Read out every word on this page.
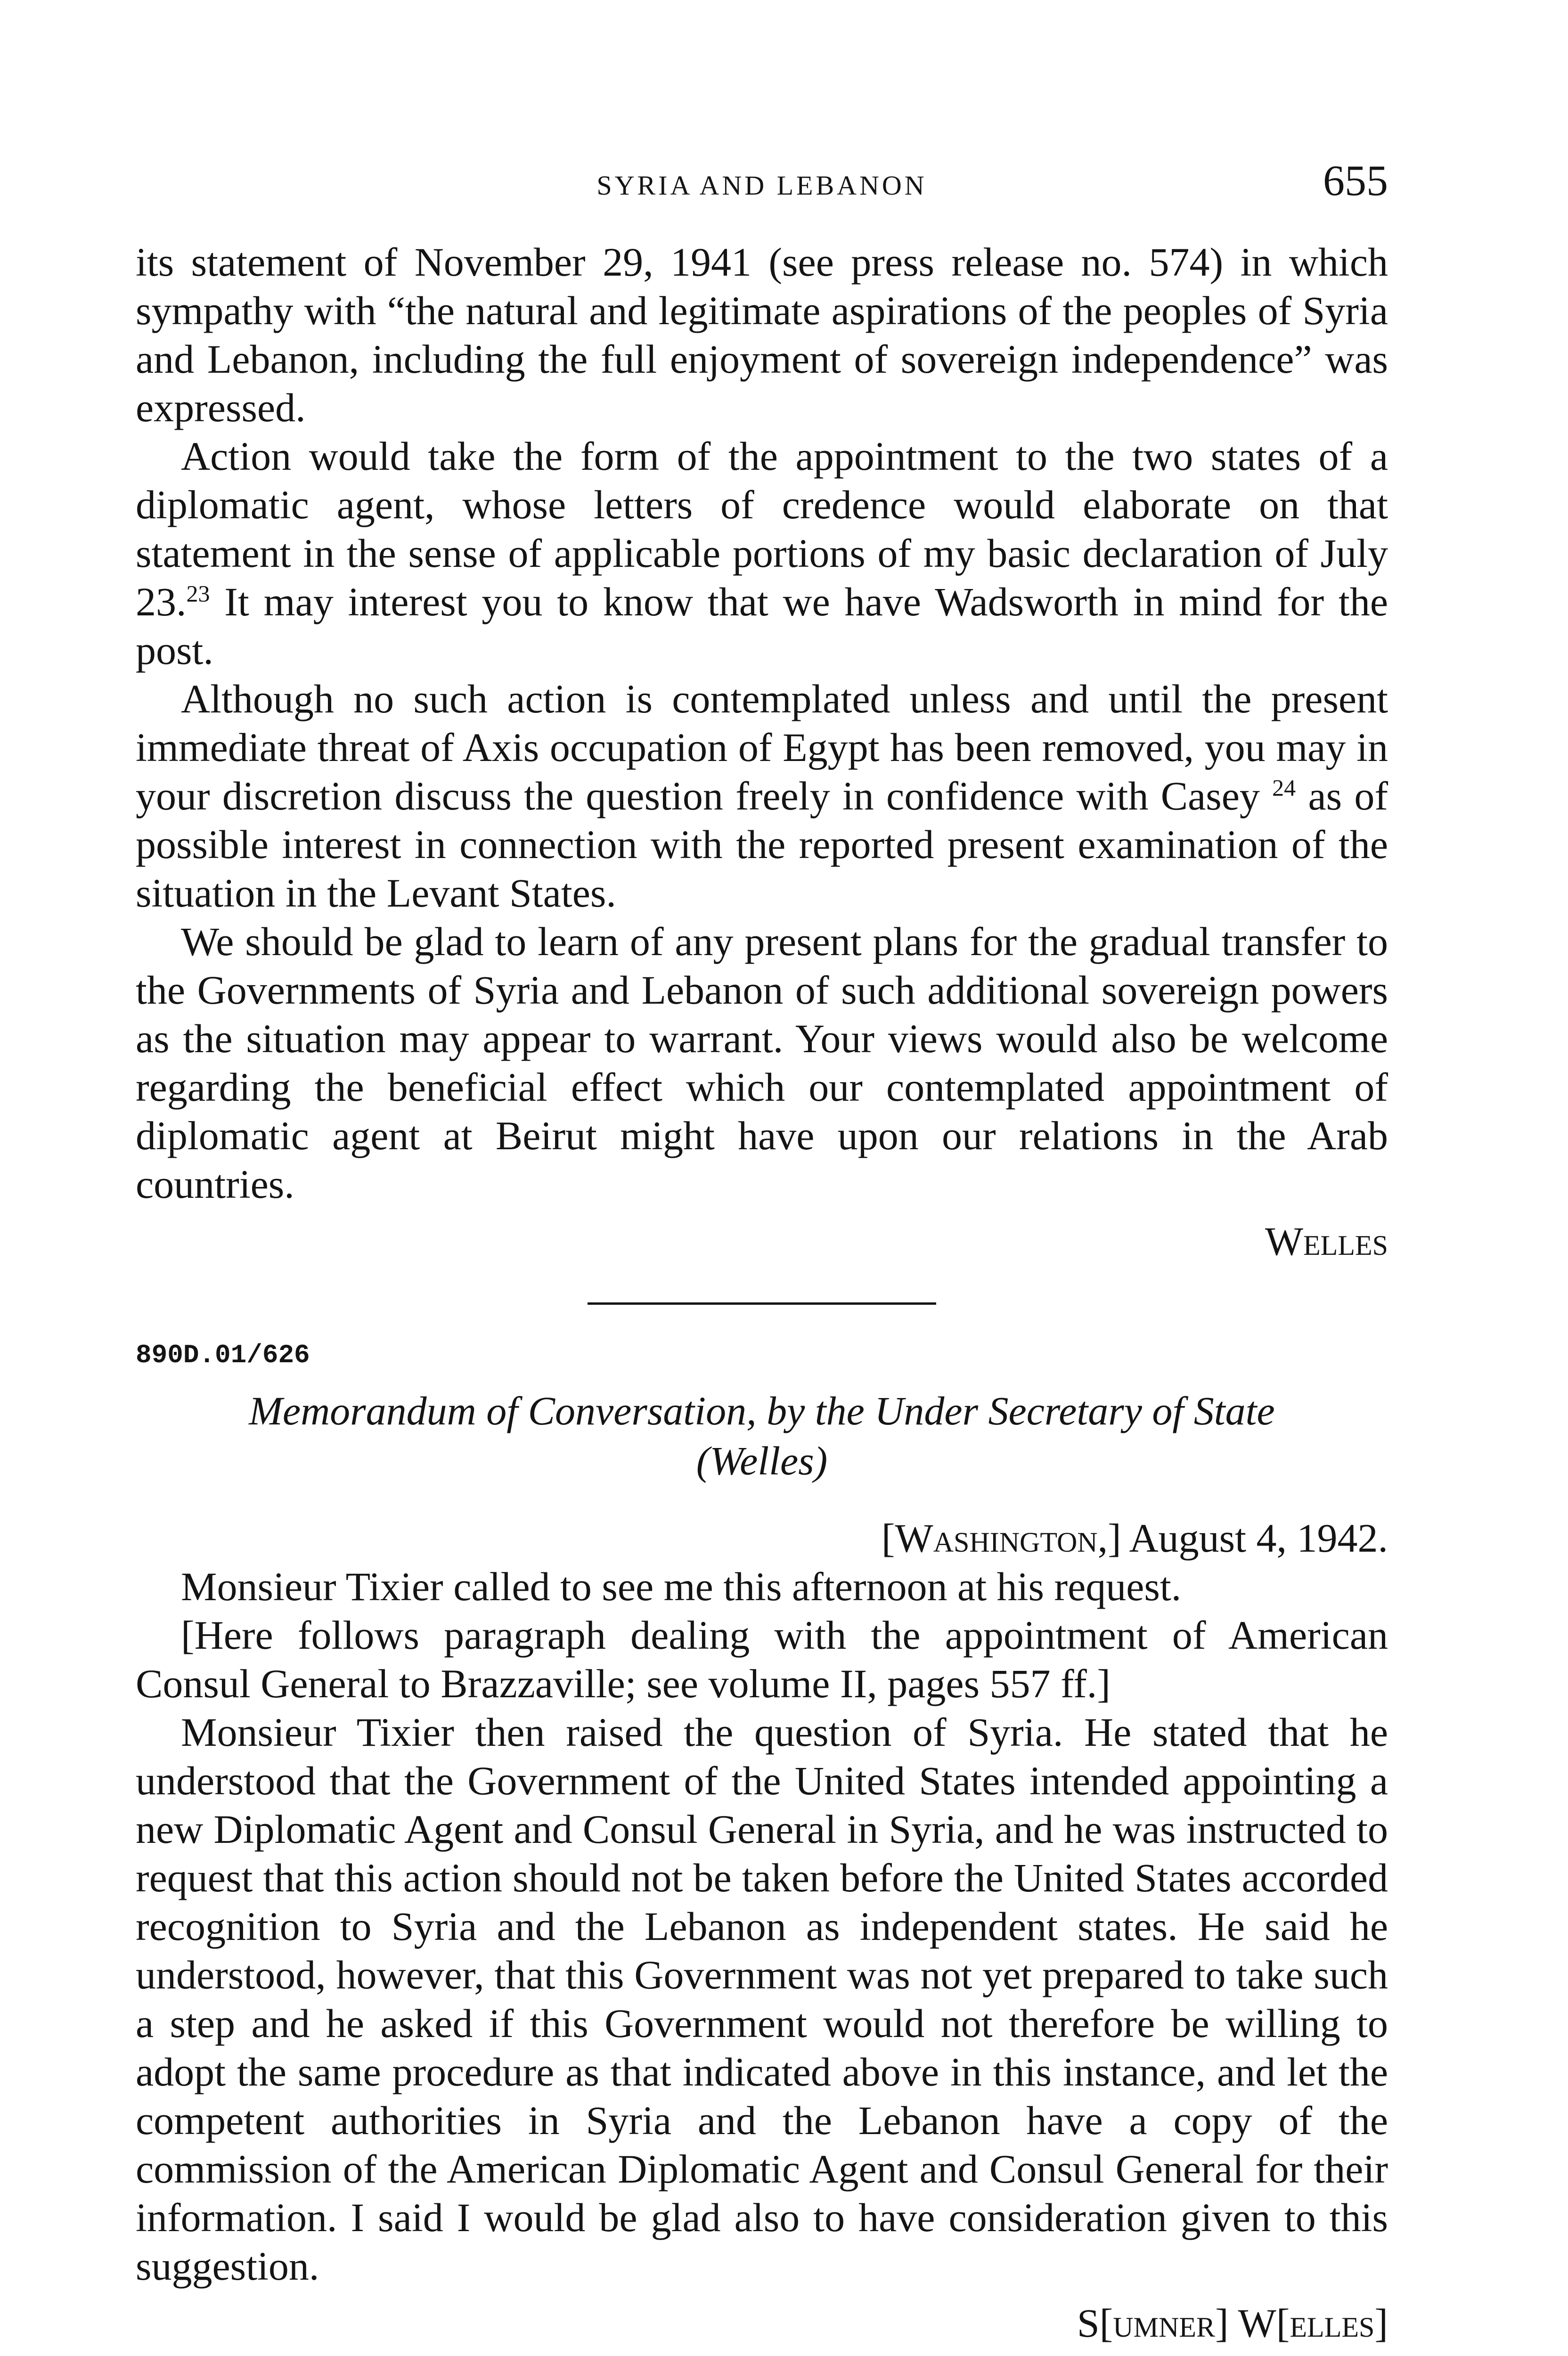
SYRIA AND LEBANON	655

its statement of November 29, 1941 (see press release no. 574) in which sympathy with “the natural and legitimate aspirations of the peoples of Syria and Lebanon, including the full enjoyment of sovereign independence” was expressed.

Action would take the form of the appointment to the two states of a diplomatic agent, whose letters of credence would elaborate on that statement in the sense of applicable portions of my basic declaration of July 23.23 It may interest you to know that we have Wadsworth in mind for the post.

Although no such action is contemplated unless and until the present immediate threat of Axis occupation of Egypt has been removed, you may in your discretion discuss the question freely in confidence with Casey $^{24}$ as of possible interest in connection with the reported present examination of the situation in the Levant States.

We should be glad to learn of any present plans for the gradual transfer to the Governments of Syria and Lebanon of such additional sovereign powers as the situation may appear to warrant. Your views would also be welcome regarding the beneficial effect which our contemplated appointment of diplomatic agent at Beirut might have upon our relations in the Arab countries.

Welles
890D.01/626
Memorandum of Conversation, by the Under Secretary of State
(Welles)
[Washington,] August 4, 1942.

Monsieur Tixier called to see me this afternoon at his request.

[Here follows paragraph dealing with the appointment of American Consul General to Brazzaville; see volume II, pages 557 ff.]

Monsieur Tixier then raised the question of Syria. He stated that he understood that the Government of the United States intended appointing a new Diplomatic Agent and Consul General in Syria, and he was instructed to request that this action should not be taken before the United States accorded recognition to Syria and the Lebanon as independent states. He said he understood, however, that this Government was not yet prepared to take such a step and he asked if this Government would not therefore be willing to adopt the same procedure as that indicated above in this instance, and let the competent authorities in Syria and the Lebanon have a copy of the commission of the American Diplomatic Agent and Consul General for their information. I said I would be glad also to have consideration given to this suggestion.

S[umner] W[elles]
